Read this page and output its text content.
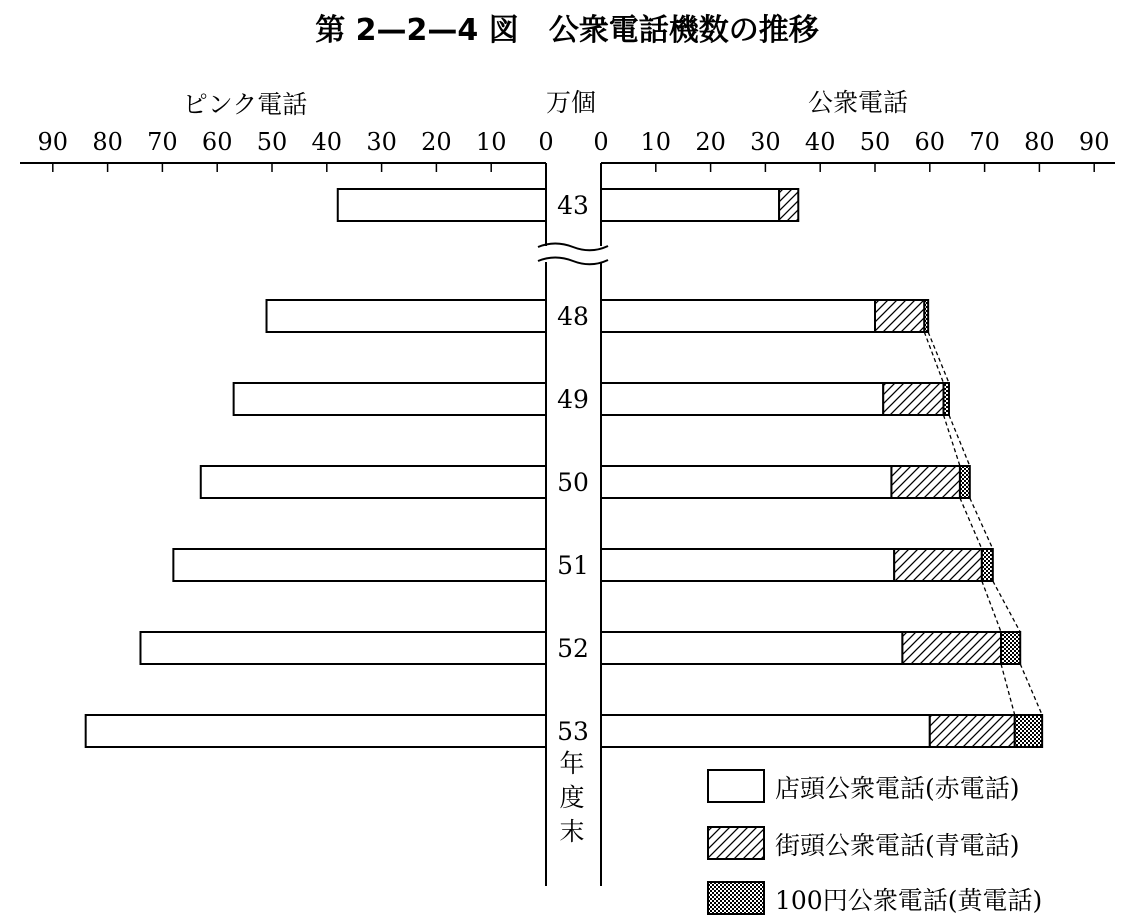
第 2—2—4 図　公衆電話機数の推移
ピンク電話	万個	公衆電話
90 80 70 60 50 40 30 20 10 0	90
80
70
60
50
40
30
20
10
0
43
48
49
50
51
52
53
年
度
末
店頭公衆電話(赤電話)
街頭公衆電話(青電話)
100円公衆電話(黄電話)
